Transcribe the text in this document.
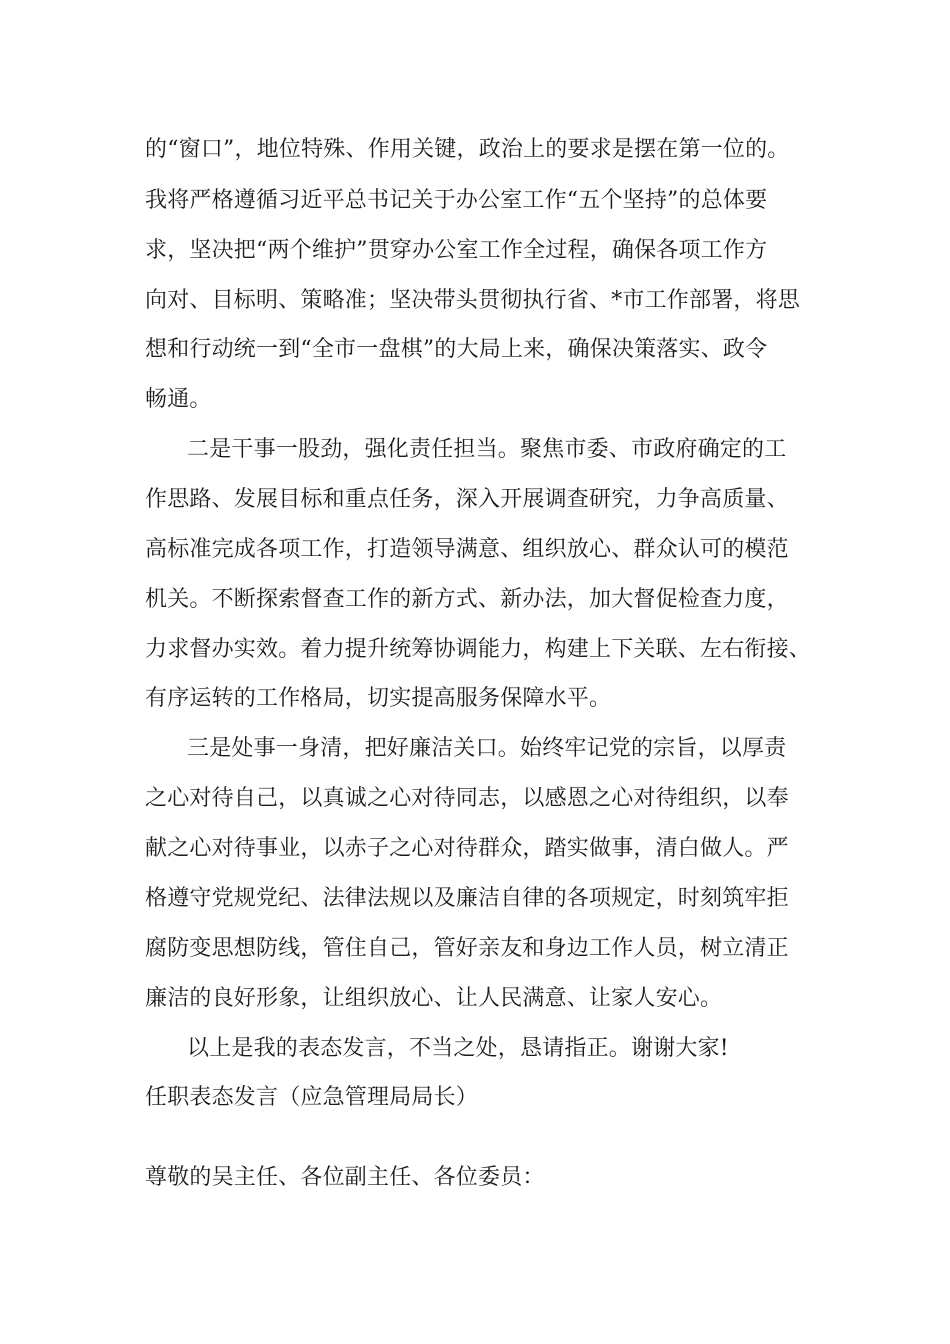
的“窗口”，地位特殊、作用关键，政治上的要求是摆在第一位的。
我将严格遵循习近平总书记关于办公室工作“五个坚持”的总体要
求，坚决把“两个维护”贯穿办公室工作全过程，确保各项工作方
向对、目标明、策略准；坚决带头贯彻执行省、*市工作部署，将思
想和行动统一到“全市一盘棋”的大局上来，确保决策落实、政令
畅通。
二是干事一股劲，强化责任担当。聚焦市委、市政府确定的工
作思路、发展目标和重点任务，深入开展调查研究，力争高质量、
高标准完成各项工作，打造领导满意、组织放心、群众认可的模范
机关。不断探索督查工作的新方式、新办法，加大督促检查力度，
力求督办实效。着力提升统筹协调能力，构建上下关联、左右衔接、
有序运转的工作格局，切实提高服务保障水平。
三是处事一身清，把好廉洁关口。始终牢记党的宗旨，以厚责
之心对待自己，以真诚之心对待同志，以感恩之心对待组织，以奉
献之心对待事业，以赤子之心对待群众，踏实做事，清白做人。严
格遵守党规党纪、法律法规以及廉洁自律的各项规定，时刻筑牢拒
腐防变思想防线，管住自己，管好亲友和身边工作人员，树立清正
廉洁的良好形象，让组织放心、让人民满意、让家人安心。
以上是我的表态发言，不当之处，恳请指正。谢谢大家!
任职表态发言（应急管理局局长）
尊敬的吴主任、各位副主任、各位委员：
